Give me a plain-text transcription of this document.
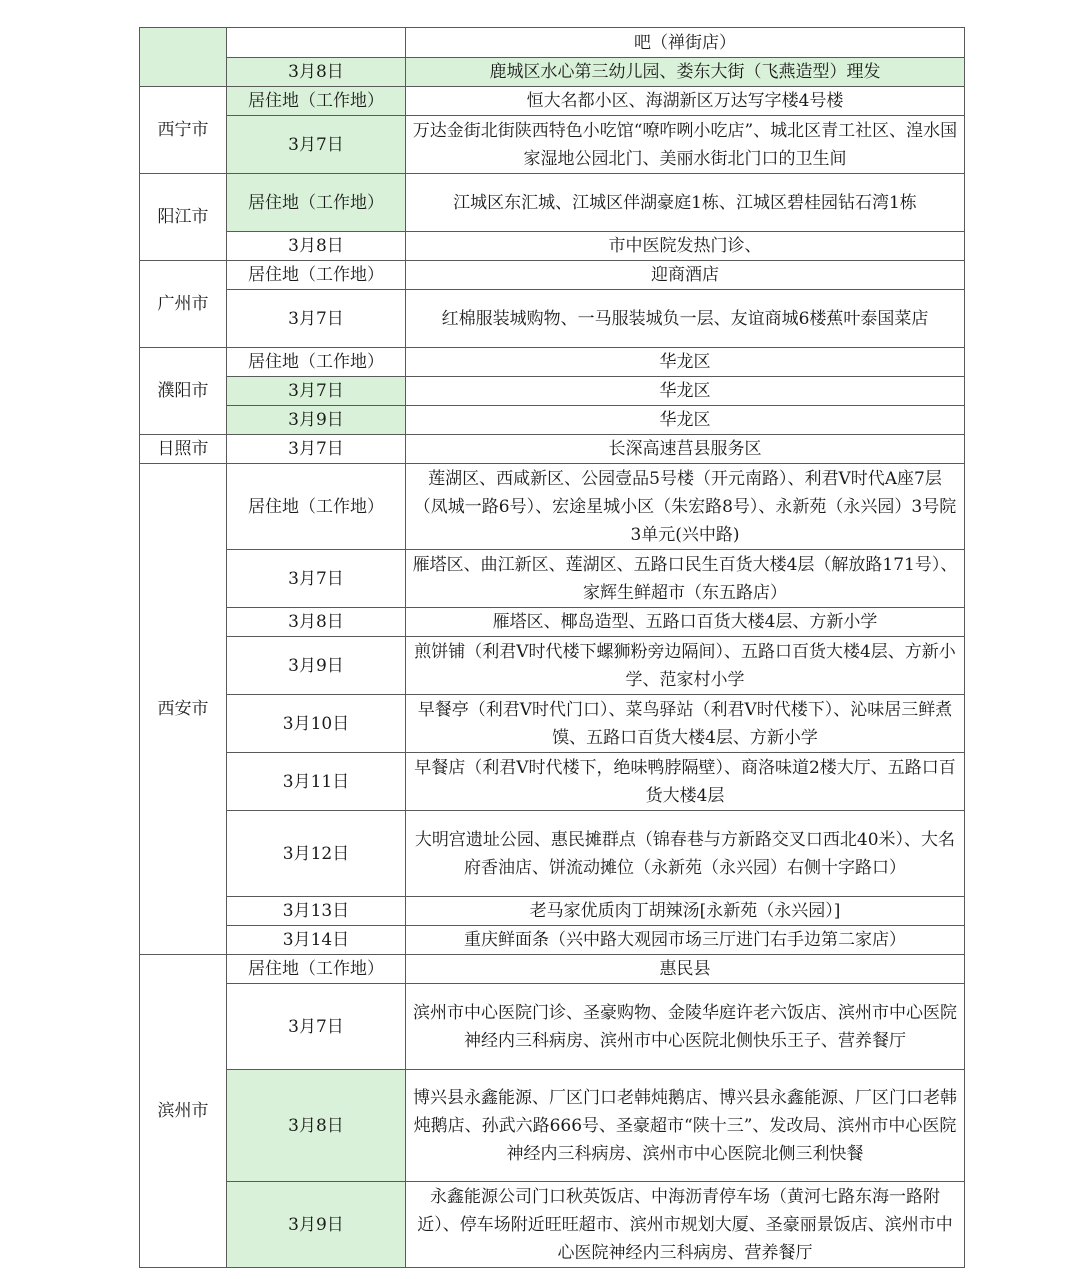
		吧（禅街店）
	3月8日	鹿城区水心第三幼儿园、娄东大街（飞燕造型）理发
西宁市	居住地（工作地）	恒大名都小区、海湖新区万达写字楼4号楼
	3月7日	万达金街北街陕西特色小吃馆“嘹咋咧小吃店”、城北区青工社区、湟水国家湿地公园北门、美丽水街北门口的卫生间
阳江市	居住地（工作地）	江城区东汇城、江城区伴湖豪庭1栋、江城区碧桂园钻石湾1栋
	3月8日	市中医院发热门诊、
广州市	居住地（工作地）	迎商酒店
	3月7日	红棉服装城购物、一马服装城负一层、友谊商城6楼蕉叶泰国菜店
濮阳市	居住地（工作地）	华龙区
	3月7日	华龙区
	3月9日	华龙区
日照市	3月7日	长深高速莒县服务区
西安市	居住地（工作地）	莲湖区、西咸新区、公园壹品5号楼（开元南路）、利君V时代A座7层（凤城一路6号）、宏途星城小区（朱宏路8号）、永新苑（永兴园）3号院3单元(兴中路)
	3月7日	雁塔区、曲江新区、莲湖区、五路口民生百货大楼4层（解放路171号）、家辉生鲜超市（东五路店）
	3月8日	雁塔区、椰岛造型、五路口百货大楼4层、方新小学
	3月9日	煎饼铺（利君V时代楼下螺狮粉旁边隔间）、五路口百货大楼4层、方新小学、范家村小学
	3月10日	早餐亭（利君V时代门口）、菜鸟驿站（利君V时代楼下）、沁味居三鲜煮馍、五路口百货大楼4层、方新小学
	3月11日	早餐店（利君V时代楼下，绝味鸭脖隔壁）、商洛味道2楼大厅、五路口百货大楼4层
	3月12日	大明宫遗址公园、惠民摊群点（锦春巷与方新路交叉口西北40米）、大名府香油店、饼流动摊位（永新苑（永兴园）右侧十字路口）
	3月13日	老马家优质肉丁胡辣汤[永新苑（永兴园）]
	3月14日	重庆鲜面条（兴中路大观园市场三厅进门右手边第二家店）
滨州市	居住地（工作地）	惠民县
	3月7日	滨州市中心医院门诊、圣豪购物、金陵华庭许老六饭店、滨州市中心医院神经内三科病房、滨州市中心医院北侧快乐王子、营养餐厅
	3月8日	博兴县永鑫能源、厂区门口老韩炖鹅店、博兴县永鑫能源、厂区门口老韩炖鹅店、孙武六路666号、圣豪超市“陕十三”、发改局、滨州市中心医院神经内三科病房、滨州市中心医院北侧三利快餐
	3月9日	永鑫能源公司门口秋英饭店、中海沥青停车场（黄河七路东海一路附近）、停车场附近旺旺超市、滨州市规划大厦、圣豪丽景饭店、滨州市中心医院神经内三科病房、营养餐厅
